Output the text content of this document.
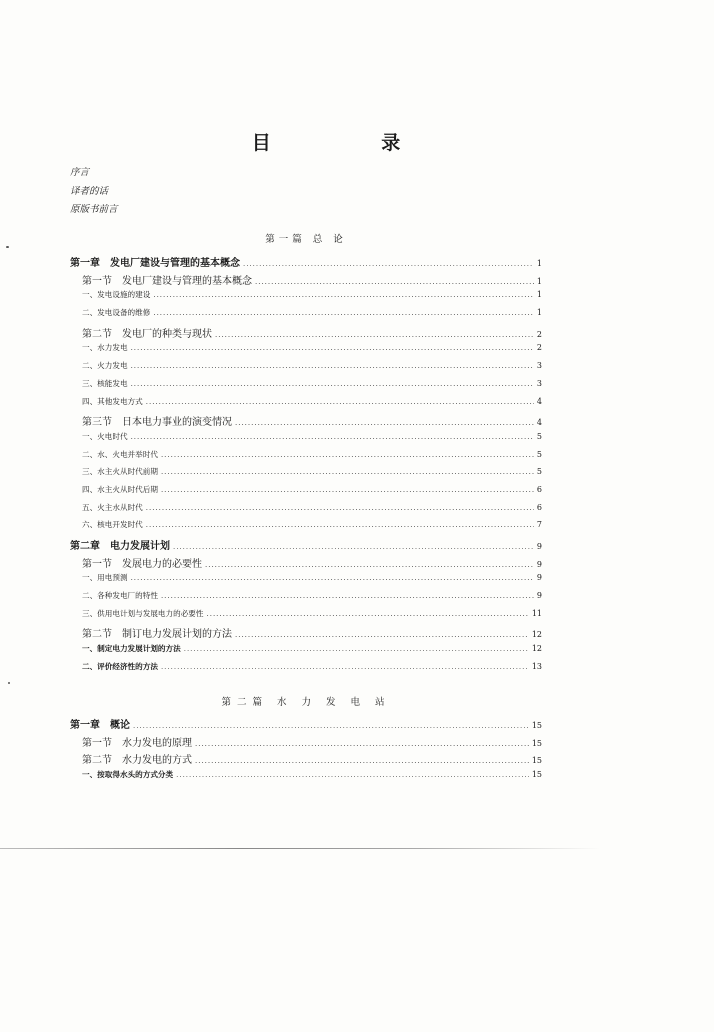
目 录
序言
译者的话
原版书前言
第一篇 总 论
第一章　发电厂建设与管理的基本概念 .....	1
第一节　发电厂建设与管理的基本概念 .....	1
一、发电设施的建设 .....	1
二、发电设备的维修 .....	1
第二节　发电厂的种类与现状 .....	2
一、水力发电 .....	2
二、火力发电 .....	3
三、核能发电 .....	3
四、其他发电方式 .....	4
第三节　日本电力事业的演变情况 .....	4
一、火电时代 .....	5
二、水、火电并举时代 .....	5
三、水主火从时代前期 .....	5
四、水主火从时代后期 .....	6
五、火主水从时代 .....	6
六、核电开发时代 .....	7
第二章　电力发展计划 .....	9
第一节　发展电力的必要性 .....	9
一、用电预测 .....	9
二、各种发电厂的特性 .....	9
三、供用电计划与发展电力的必要性 .....	11
第二节　制订电力发展计划的方法 .....	12
一、制定电力发展计划的方法 .....	12
二、评价经济性的方法 .....	13
第二篇 水 力 发 电 站
第一章　概论 .....	15
第一节　水力发电的原理 .....	15
第二节　水力发电的方式 .....	15
一、按取得水头的方式分类 .....	15
